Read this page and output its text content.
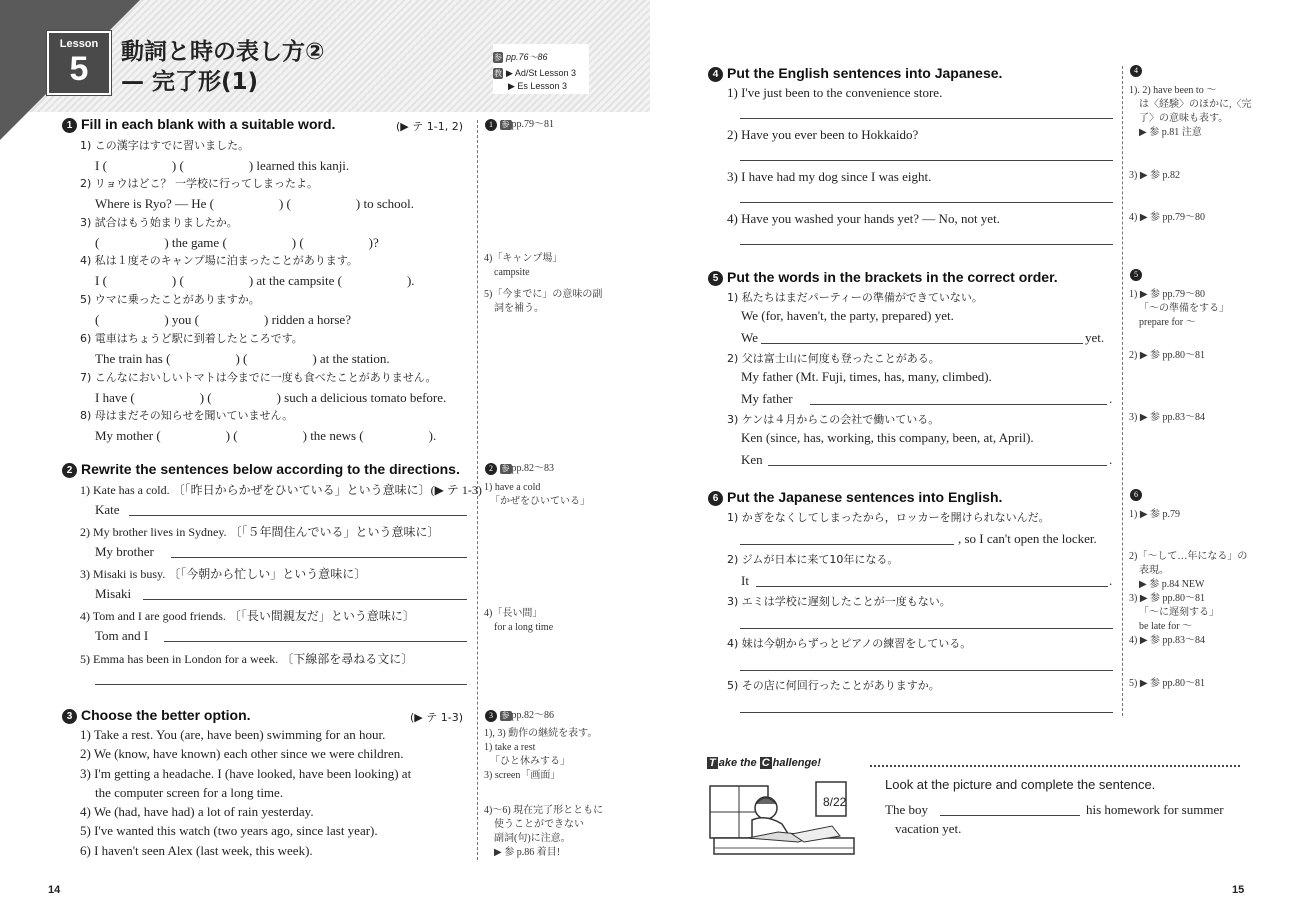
Lesson
5	動詞と時の表し方②
— 完了形(1)
参 pp.76～86
教 ▶ Ad/St Lesson 3
▶ Es Lesson 3
1 Fill in each blank with a suitable word.	(▶ テ 1-1, 2)	1 参 pp.79～81
4)「キャンプ場」
campsite
5)「今までに」の意味の副
詞を補う。
2 Rewrite the sentences below according to the directions.	2 参 pp.82～83
1) have a cold
「かぜをひいている」
4)「長い間」
for a long time
3 Choose the better option.	(▶ テ 1-3)	3 参 pp.82～86
1), 3) 動作の継続を表す。
1) take a rest
「ひと休みする」
3) screen「画面」
4)～6) 現在完了形とともに
使うことができない
副詞(句)に注意。
▶ 参 p.86 着目!
14
1) この漢字はすでに習いました。
I (　　　　　) (　　　　　) learned this kanji.
2) リョウはどこ？ 一学校に行ってしまったよ。
Where is Ryo? — He (　　　　　) (　　　　　) to school.
3) 試合はもう始まりましたか。
(　　　　　) the game (　　　　　) (　　　　　)?
4) 私は１度そのキャンプ場に泊まったことがあります。
I (　　　　　) (　　　　　) at the campsite (　　　　　).
5) ウマに乗ったことがありますか。
(　　　　　) you (　　　　　) ridden a horse?
6) 電車はちょうど駅に到着したところです。
The train has (　　　　　) (　　　　　) at the station.
7) こんなにおいしいトマトは今までに一度も食べたことがありません。
I have (　　　　　) (　　　　　) such a delicious tomato before.
8) 母はまだその知らせを聞いていません。
My mother (　　　　　) (　　　　　) the news (　　　　　).
1) Kate has a cold. 〔「昨日からかぜをひいている」という意味に〕(▶ テ 1-3)
Kate
2) My brother lives in Sydney. 〔「５年間住んでいる」という意味に〕
My brother
3) Misaki is busy. 〔「今朝から忙しい」という意味に〕
Misaki
4) Tom and I are good friends. 〔「長い間親友だ」という意味に〕
Tom and I
5) Emma has been in London for a week. 〔下線部を尋ねる文に〕
1) Take a rest. You (are, have been) swimming for an hour.
2) We (know, have known) each other since we were children.
3) I'm getting a headache. I (have looked, have been looking) at
the computer screen for a long time.
4) We (had, have had) a lot of rain yesterday.
5) I've wanted this watch (two years ago, since last year).
6) I haven't seen Alex (last week, this week).
4 Put the English sentences into Japanese.	4
1). 2) have been to ～
は〈経験〉のほかに,〈完
了〉の意味も表す。
▶ 参 p.81 注意
3) ▶ 参 p.82
4) ▶ 参 pp.79～80
5 Put the words in the brackets in the correct order.	5
1) ▶ 参 pp.79～80
「～の準備をする」
prepare for ～
2) ▶ 参 pp.80～81
3) ▶ 参 pp.83～84
6 Put the Japanese sentences into English.	6
1) ▶ 参 p.79
2)「～して…年になる」の
表現。
▶ 参 p.84 NEW
3) ▶ 参 pp.80～81
「～に遅刻する」
be late for ～
4) ▶ 参 pp.83～84
5) ▶ 参 pp.80～81
15
1) I've just been to the convenience store.
2) Have you ever been to Hokkaido?
3) I have had my dog since I was eight.
4) Have you washed your hands yet? — No, not yet.
1) 私たちはまだパーティーの準備ができていない。
We (for, haven't, the party, prepared) yet.
We	yet.
2) 父は富士山に何度も登ったことがある。
My father (Mt. Fuji, times, has, many, climbed).
My father	.
3) ケンは４月からこの会社で働いている。
Ken (since, has, working, this company, been, at, April).
Ken	.
1) かぎをなくしてしまったから，ロッカーを開けられないんだ。
, so I can't open the locker.
2) ジムが日本に来て10年になる。
It	.
3) エミは学校に遅刻したことが一度もない。
4) 妹は今朝からずっとピアノの練習をしている。
5) その店に何回行ったことがありますか。
T ake the C hallenge!
8/22
Look at the picture and complete the sentence.
The boy	his homework for summer
vacation yet.
